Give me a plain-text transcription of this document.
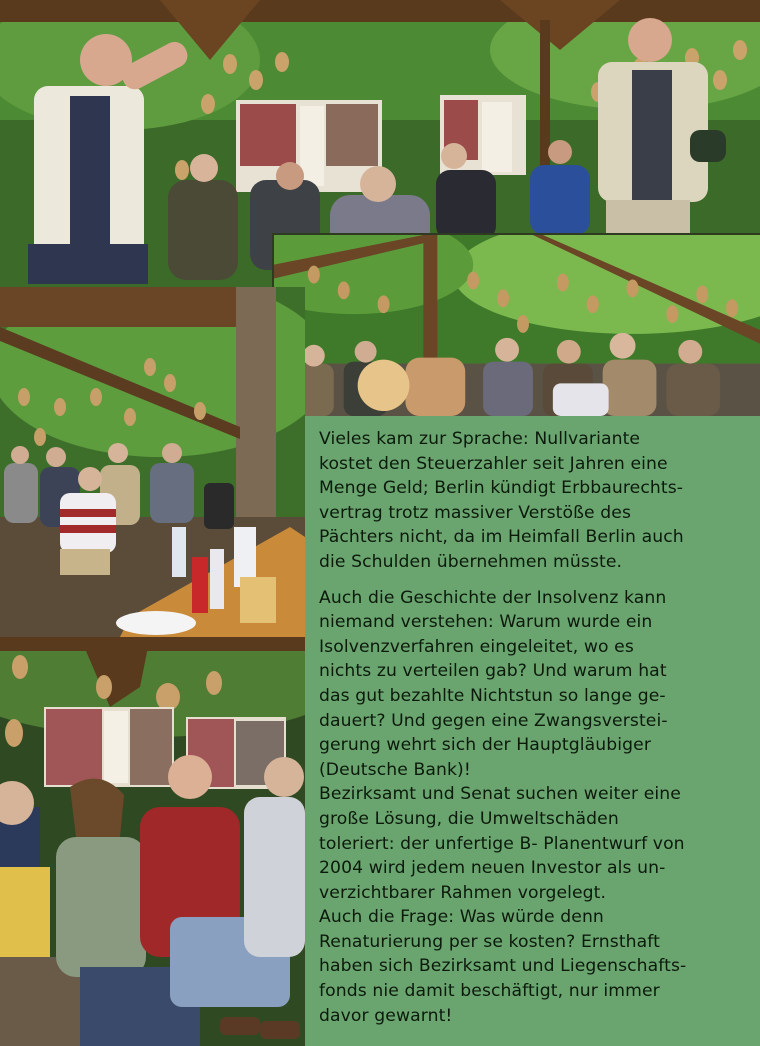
Vieles kam zur Sprache: Nullvariante
kostet den Steuerzahler seit Jahren eine
Menge Geld; Berlin kündigt Erbbaurechts-
vertrag trotz massiver Verstöße des
Pächters nicht, da im Heimfall Berlin auch
die Schulden übernehmen müsste.

Auch die Geschichte der Insolvenz kann
niemand verstehen: Warum wurde ein
Isolvenzverfahren eingeleitet, wo es
nichts zu verteilen gab? Und warum hat
das gut bezahlte Nichtstun so lange ge-
dauert? Und gegen eine Zwangsverstei-
gerung wehrt sich der Hauptgläubiger
(Deutsche Bank)!
Bezirksamt und Senat suchen weiter eine
große Lösung, die Umweltschäden
toleriert: der unfertige B- Planentwurf von
2004 wird jedem neuen Investor als un-
verzichtbarer Rahmen vorgelegt.
Auch die Frage: Was würde denn
Renaturierung per se kosten? Ernsthaft
haben sich Bezirksamt und Liegenschafts-
fonds nie damit beschäftigt, nur immer
davor gewarnt!
